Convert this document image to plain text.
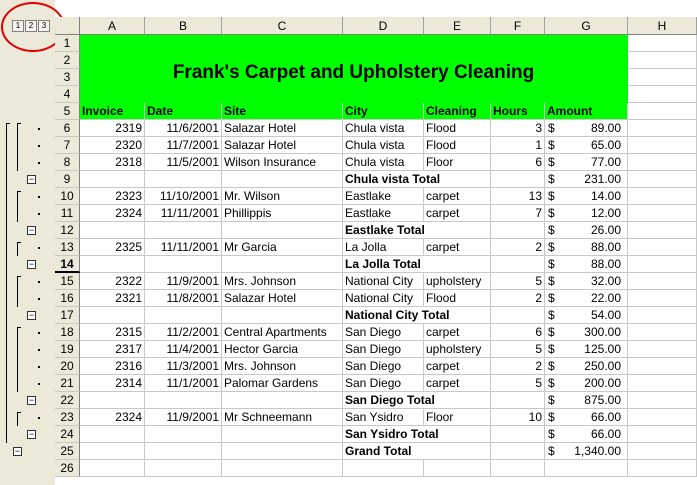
1	2	3
−
−
−
−
−
−
−
A	B	C	D	E	F	G	H
1
2
3
4
5 Invoice	Date	Site	City	Cleaning	Hours	Amount
6	2319	11/6/2001 Salazar Hotel	Chula vista	Flood	3 $	89.00
7	2320	11/7/2001 Salazar Hotel	Chula vista	Flood	1 $	65.00
8	2318	11/5/2001 Wilson Insurance	Chula vista	Floor	6 $	77.00
9	Chula vista Total	$ 231.00
10	2323	11/10/2001 Mr. Wilson	Eastlake	carpet	13 $	14.00
11	2324	11/11/2001 Phillippis	Eastlake	carpet	7 $	12.00
12	Eastlake Total	$	26.00
13	2325	11/11/2001 Mr Garcia	La Jolla	carpet	2 $	88.00
14	La Jolla Total	$	88.00
15	2322	11/9/2001 Mrs. Johnson	National City	upholstery	5 $	32.00
16	2321	11/8/2001 Salazar Hotel	National City	Flood	2 $	22.00
17	National City Total	$	54.00
18	2315	11/2/2001 Central Apartments	San Diego	carpet	6 $ 300.00
19	2317	11/4/2001 Hector Garcia	San Diego	upholstery	5 $ 125.00
20	2316	11/3/2001 Mrs. Johnson	San Diego	carpet	2 $ 250.00
21	2314	11/1/2001 Palomar Gardens	San Diego	carpet	5 $ 200.00
22	San Diego Total	$ 875.00
23	2324	11/9/2001 Mr Schneemann	San Ysidro	Floor	10 $	66.00
24	San Ysidro Total	$	66.00
25	Grand Total	$ 1,340.00
26
Frank's Carpet and Upholstery Cleaning
